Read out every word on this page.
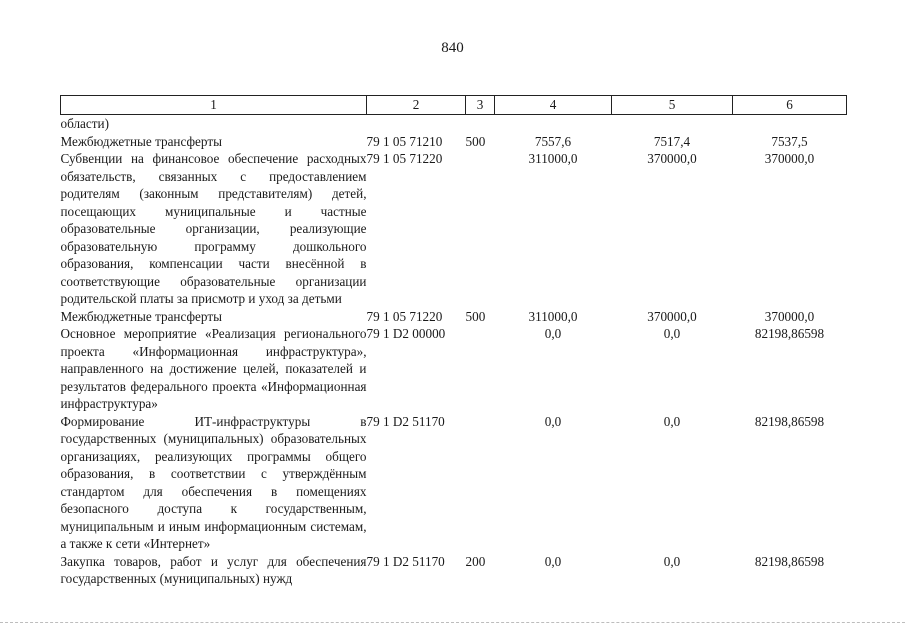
840
1	2	3	4	5	6
области)					
Межбюджетные трансферты	79 1 05 71210	500	7557,6	7517,4	7537,5
Субвенции на финансовое обеспечение расходных обязательств, связанных с предоставлением родителям (законным представителям) детей, посещающих муниципальные и частные образовательные организации, реализующие образовательную программу дошкольного образования, компенсации части внесённой в соответствующие образовательные организации родительской платы за присмотр и уход за детьми	79 1 05 71220		311000,0	370000,0	370000,0
Межбюджетные трансферты	79 1 05 71220	500	311000,0	370000,0	370000,0
Основное мероприятие «Реализация регионального проекта «Информационная инфраструктура», направленного на достижение целей, показателей и результатов федерального проекта «Информационная инфраструктура»	79 1 D2 00000		0,0	0,0	82198,86598
Формирование ИТ-инфраструктуры в государственных (муниципальных) образовательных организациях, реализующих программы общего образования, в соответствии с утверждённым стандартом для обеспечения в помещениях безопасного доступа к государственным, муниципальным и иным информационным системам, а также к сети «Интернет»	79 1 D2 51170		0,0	0,0	82198,86598
Закупка товаров, работ и услуг для обеспечения государственных (муниципальных) нужд	79 1 D2 51170	200	0,0	0,0	82198,86598
